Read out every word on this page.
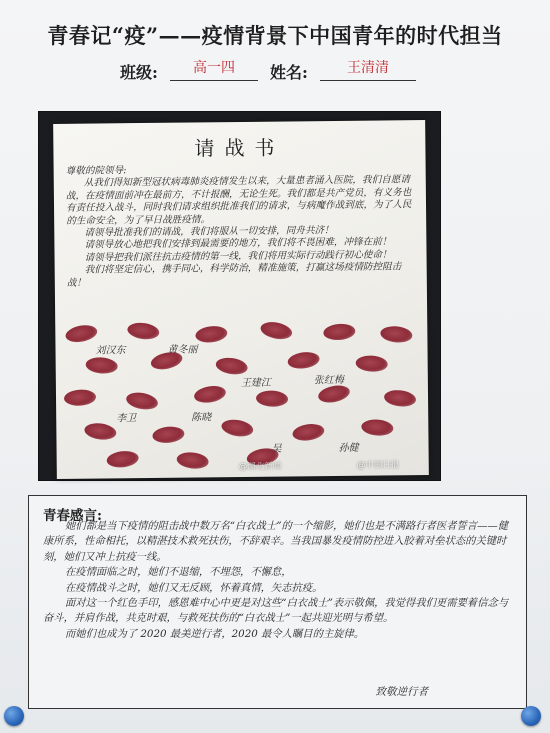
青春记“疫”——疫情背景下中国青年的时代担当
班级:	高一四	姓名:	王清清
请战书

尊敬的院领导:

从我们得知新型冠状病毒肺炎疫情发生以来，大量患者涌入医院，我们自愿请战，在疫情面前冲在最前方，不计报酬，无论生死。我们都是共产党员，有义务也有责任投入战斗，同时我们请求组织批准我们的请求，与病魔作战到底，为了人民的生命安全，为了早日战胜疫情。

请领导批准我们的请战，我们将服从一切安排，同舟共济！

请领导放心地把我们安排到最需要的地方，我们将不畏困难，冲锋在前！

请领导把我们派往抗击疫情的第一线，我们将用实际行动践行初心使命！

我们将坚定信心，携手同心，科学防治，精准施策，打赢这场疫情防控阻击战！

刘汉东	黄冬丽
王建江	张红梅
李卫	陈晓
吴	孙健
@湖北新闻	@中国日报
青春感言:

她们都是当下疫情的阻击战中数万名“白衣战士”的一个缩影，她们也是不满路行者医者誓言——健康所系，性命相托，以精湛技术救死扶伤，不辞艰辛。当我国暴发疫情防控进入胶着对垒状态的关键时刻，她们又冲上抗疫一线。

在疫情面临之时，她们不退缩，不埋怨，不懈怠，

在疫情战斗之时，她们又无反顾，怀着真情，矢志抗疫。

面对这一个红色手印，感恩难中心中更是对这些“白衣战士”表示敬佩，我觉得我们更需要着信念与奋斗，并肩作战，共克时艰，与救死扶伤的“白衣战士”一起共迎光明与希望。

而她们也成为了 2020 最美逆行者，2020 最令人瞩目的主旋律。

致敬逆行者
